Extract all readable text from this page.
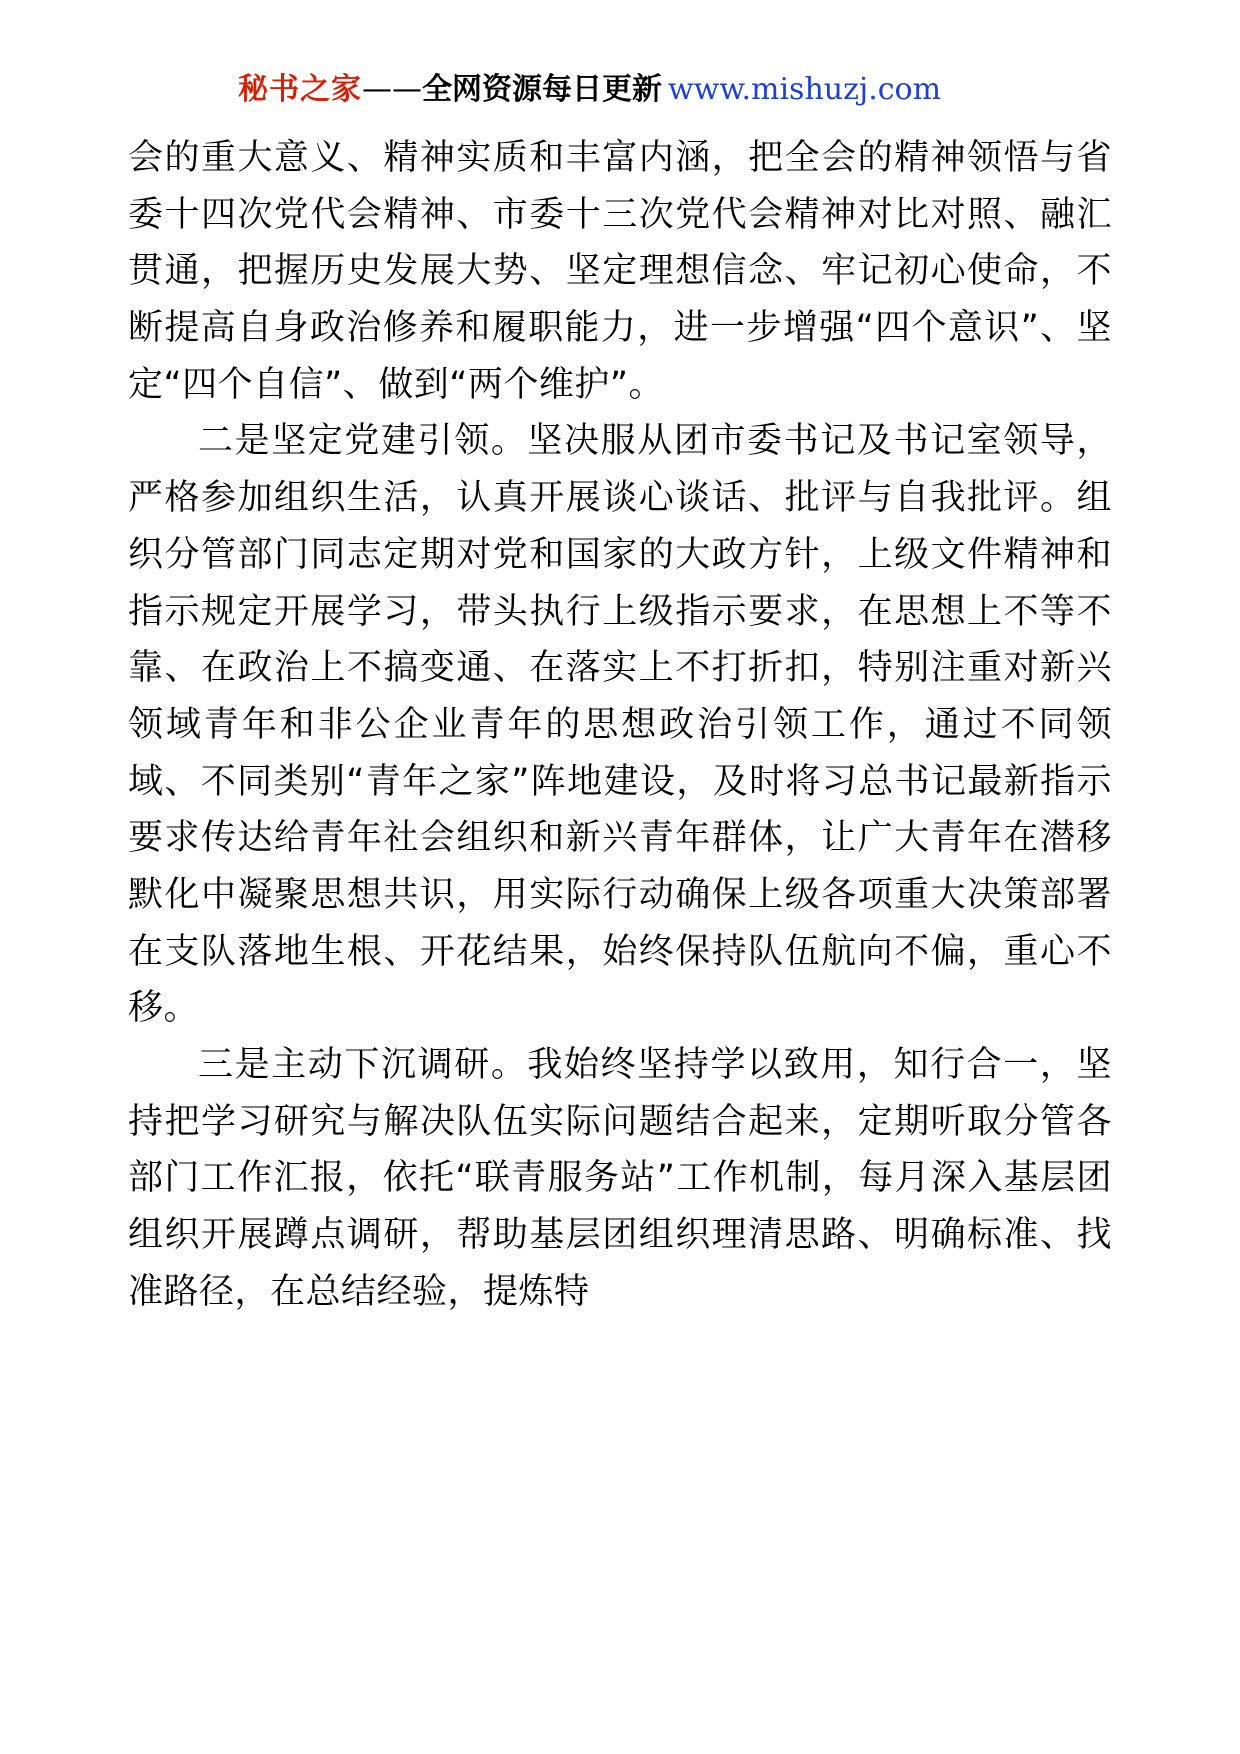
秘书之家——全网资源每日更新 www.mishuzj.com

会的重大意义、精神实质和丰富内涵，把全会的精神领悟与省委十四次党代会精神、市委十三次党代会精神对比对照、融汇贯通，把握历史发展大势、坚定理想信念、牢记初心使命，不断提高自身政治修养和履职能力，进一步增强“四个意识”、坚定“四个自信”、做到“两个维护”。

二是坚定党建引领。坚决服从团市委书记及书记室领导，严格参加组织生活，认真开展谈心谈话、批评与自我批评。组织分管部门同志定期对党和国家的大政方针，上级文件精神和指示规定开展学习，带头执行上级指示要求，在思想上不等不靠、在政治上不搞变通、在落实上不打折扣，特别注重对新兴领域青年和非公企业青年的思想政治引领工作，通过不同领域、不同类别“青年之家”阵地建设，及时将习总书记最新指示要求传达给青年社会组织和新兴青年群体，让广大青年在潜移默化中凝聚思想共识，用实际行动确保上级各项重大决策部署在支队落地生根、开花结果，始终保持队伍航向不偏，重心不移。

三是主动下沉调研。我始终坚持学以致用，知行合一，坚持把学习研究与解决队伍实际问题结合起来，定期听取分管各部门工作汇报，依托“联青服务站”工作机制，每月深入基层团组织开展蹲点调研，帮助基层团组织理清思路、明确标准、找准路径，在总结经验，提炼特
